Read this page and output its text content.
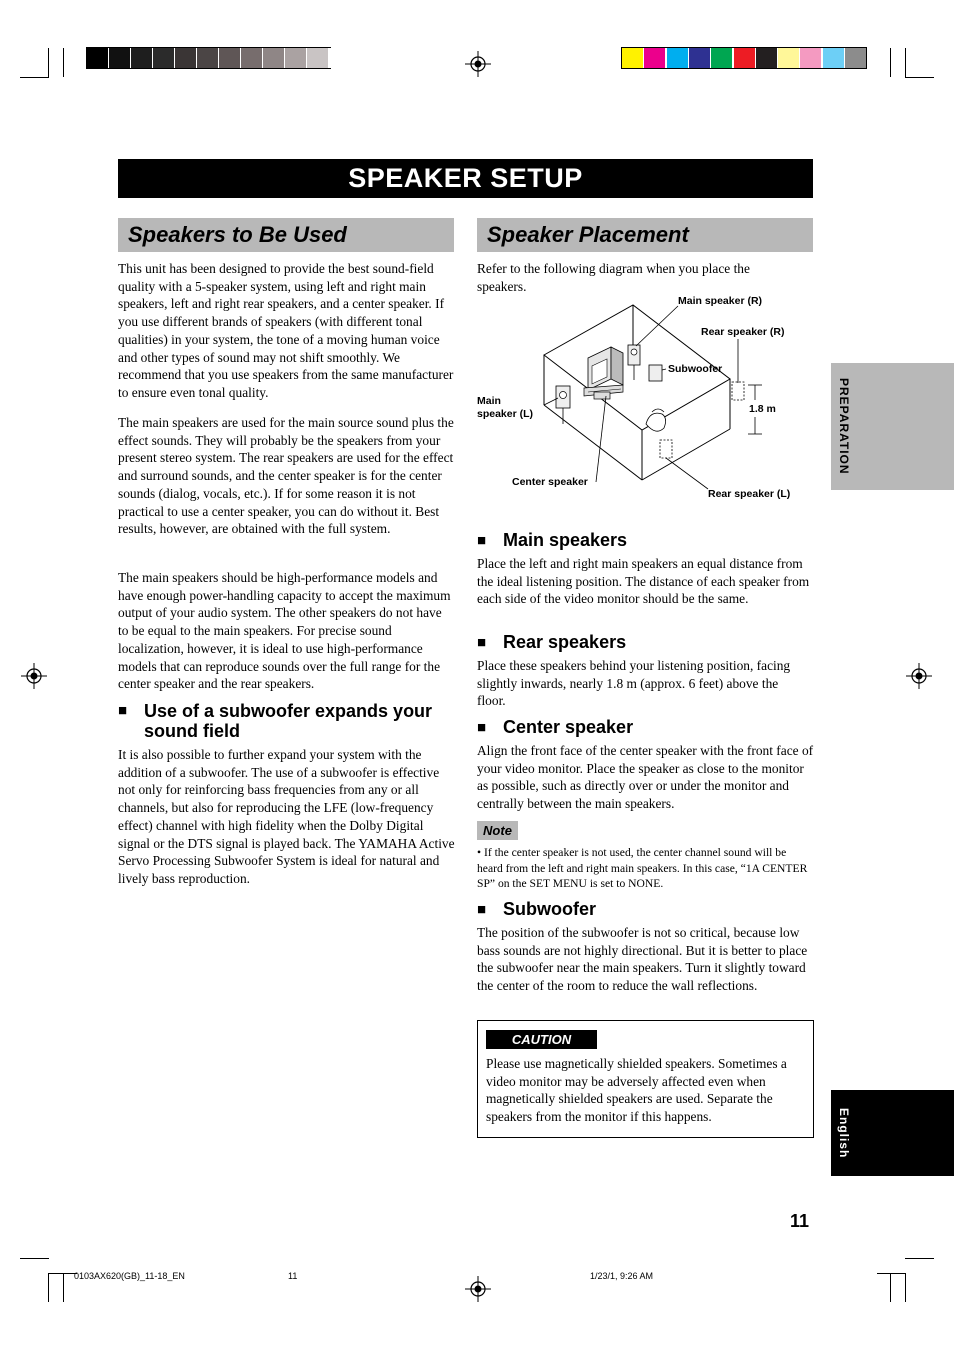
SPEAKER SETUP
Speakers to Be Used	Speaker Placement

This unit has been designed to provide the best sound-field quality with a 5-speaker system, using left and right main speakers, left and right rear speakers, and a center speaker. If you use different brands of speakers (with different tonal qualities) in your system, the tone of a moving human voice and other types of sound may not shift smoothly. We recommend that you use speakers from the same manufacturer to ensure even tonal quality.

The main speakers are used for the main source sound plus the effect sounds. They will probably be the speakers from your present stereo system. The rear speakers are used for the effect and surround sounds, and the center speaker is for the center sounds (dialog, vocals, etc.). If for some reason it is not practical to use a center speaker, you can do without it. Best results, however, are obtained with the full system.

The main speakers should be high-performance models and have enough power-handling capacity to accept the maximum output of your audio system. The other speakers do not have to be equal to the main speakers. For precise sound localization, however, it is ideal to use high-performance models that can reproduce sounds over the full range for the center speaker and the rear speakers.

■ Use of a subwoofer expands your sound field

It is also possible to further expand your system with the addition of a subwoofer. The use of a subwoofer is effective not only for reinforcing bass frequencies from any or all channels, but also for reproducing the LFE (low-frequency effect) channel with high fidelity when the Dolby Digital signal or the DTS signal is played back. The YAMAHA Active Servo Processing Subwoofer System is ideal for natural and lively bass reproduction.

Refer to the following diagram when you place the speakers.

Main speaker (R)
Rear speaker (R)
Subwoofer
Main
speaker (L)	1.8 m
Center speaker
Rear speaker (L)
■ Main speakers

Place the left and right main speakers an equal distance from the ideal listening position. The distance of each speaker from each side of the video monitor should be the same.

■ Rear speakers

Place these speakers behind your listening position, facing slightly inwards, nearly 1.8 m (approx. 6 feet) above the floor.

■ Center speaker

Align the front face of the center speaker with the front face of your video monitor. Place the speaker as close to the monitor as possible, such as directly over or under the monitor and centrally between the main speakers.

Note
• If the center speaker is not used, the center channel sound will be heard from the left and right main speakers. In this case, “1A CENTER SP” on the SET MENU is set to NONE.
■ Subwoofer

The position of the subwoofer is not so critical, because low bass sounds are not highly directional. But it is better to place the subwoofer near the main speakers. Turn it slightly toward the center of the room to reduce the wall reflections.

CAUTION

Please use magnetically shielded speakers. Sometimes a video monitor may be adversely affected even when magnetically shielded speakers are used. Separate the speakers from the monitor if this happens.

PREPARATION
English
11
0103AX620(GB)_11-18_EN	11	1/23/1, 9:26 AM
